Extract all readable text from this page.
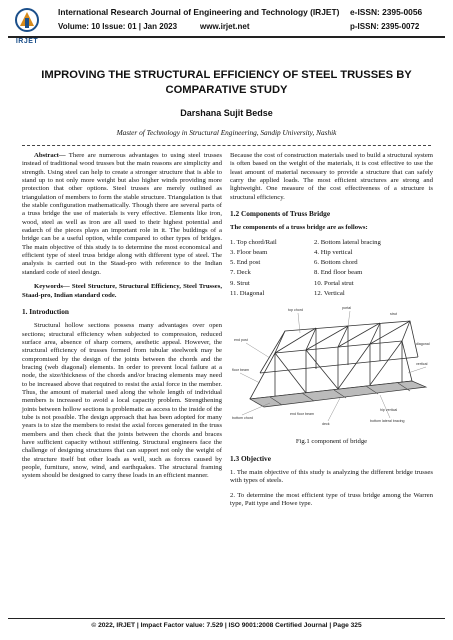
IRJET
International Research Journal of Engineering and Technology (IRJET)
Volume: 10 Issue: 01 | Jan 2023	www.irjet.net
e-ISSN: 2395-0056
p-ISSN: 2395-0072
IMPROVING THE STRUCTURAL EFFICIENCY OF STEEL TRUSSES BY COMPARATIVE STUDY
Darshana Sujit Bedse
Master of Technology in Structural Engineering, Sandip University, Nashik

Abstract— There are numerous advantages to using steel trusses instead of traditional wood trusses but the main reasons are simplicity and strength. Using steel can help to create a stronger structure that is able to stand up to not only more weight but also higher winds providing more protection that other options. Steel trusses are merely outlined as triangulation of members to form the stable structure. Triangulation is that the stable configuration mathematically. Though there are several parts of a truss bridge the use of materials is very effective. Elements like iron, wood, steel as well as iron are all used to their highest potential and eadarch of the pieces plays an important role in it. The buildings of a bridge can be a useful option, while compared to other types of bridges. The main objective of this study is to determine the most economical and efficient type of steel truss bridge along with different type of steel. The analysis is carried out in the Staad-pro with reference to the Indian standard code of steel design.

Keywords— Steel Structure, Structural Efficiency, Steel Trusses, Staad-pro, Indian standard code.

1. Introduction

Structural hollow sections possess many advantages over open sections; structural efficiency when subjected to compression, reduced surface area, absence of sharp corners, aesthetic appeal. However, the structural efficiency of trusses formed from tubular steelwork may be compromised by the design of the joints between the chords and the bracing (web diagonal) elements. In order to prevent local failure at a node, the size/thickness of the chords and/or bracing elements may need to be increased above that required to resist the axial force in the member. Thus, the amount of material used along the whole length of individual members is increased to avoid a local capacity problem. Strengthening joints between hollow sections is problematic as access to the inside of the tube is not possible. The design approach that has been adopted for many years is to size the members to resist the axial forces generated in the truss members and then check that the joints between the chords and braces have sufficient capacity without stiffening. Structural engineers face the challenge of designing structures that can support not only the weight of the structure itself but other loads as well, such as forces caused by people, furniture, snow, wind, and earthquakes. The structural framing system should be designed to carry these loads in an efficient manner.

Because the cost of construction materials used to build a structural system is often based on the weight of the materials, it is cost effective to use the least amount of material necessary to provide a structure that can safely carry the applied loads. The most efficient structures are strong and lightweight. One measure of the cost effectiveness of a structure is structural efficiency.

1.2 Components of Truss Bridge
The components of a truss bridge are as follows:
1. Top chord/Rail	2. Bottom lateral bracing
3. Floor beam	4. Hip vertical
5. End post	6. Bottom chord
7. Deck	8. End floor beam
9. Strut	10. Portal strut
11. Diagonal	12. Vertical
top chord	portal
end post
floor beam
bottom chord
deck
strut
diagonal
vertical
hip vertical
bottom lateral bracing
end floor beam
Fig.1 component of bridge
1.3 Objective

1. The main objective of this study is analyzing the different bridge trusses with types of steels.

2. To determine the most efficient type of truss bridge among the Warren type, Patt type and Howe type.

© 2022, IRJET | Impact Factor value: 7.529 | ISO 9001:2008 Certified Journal | Page 325
